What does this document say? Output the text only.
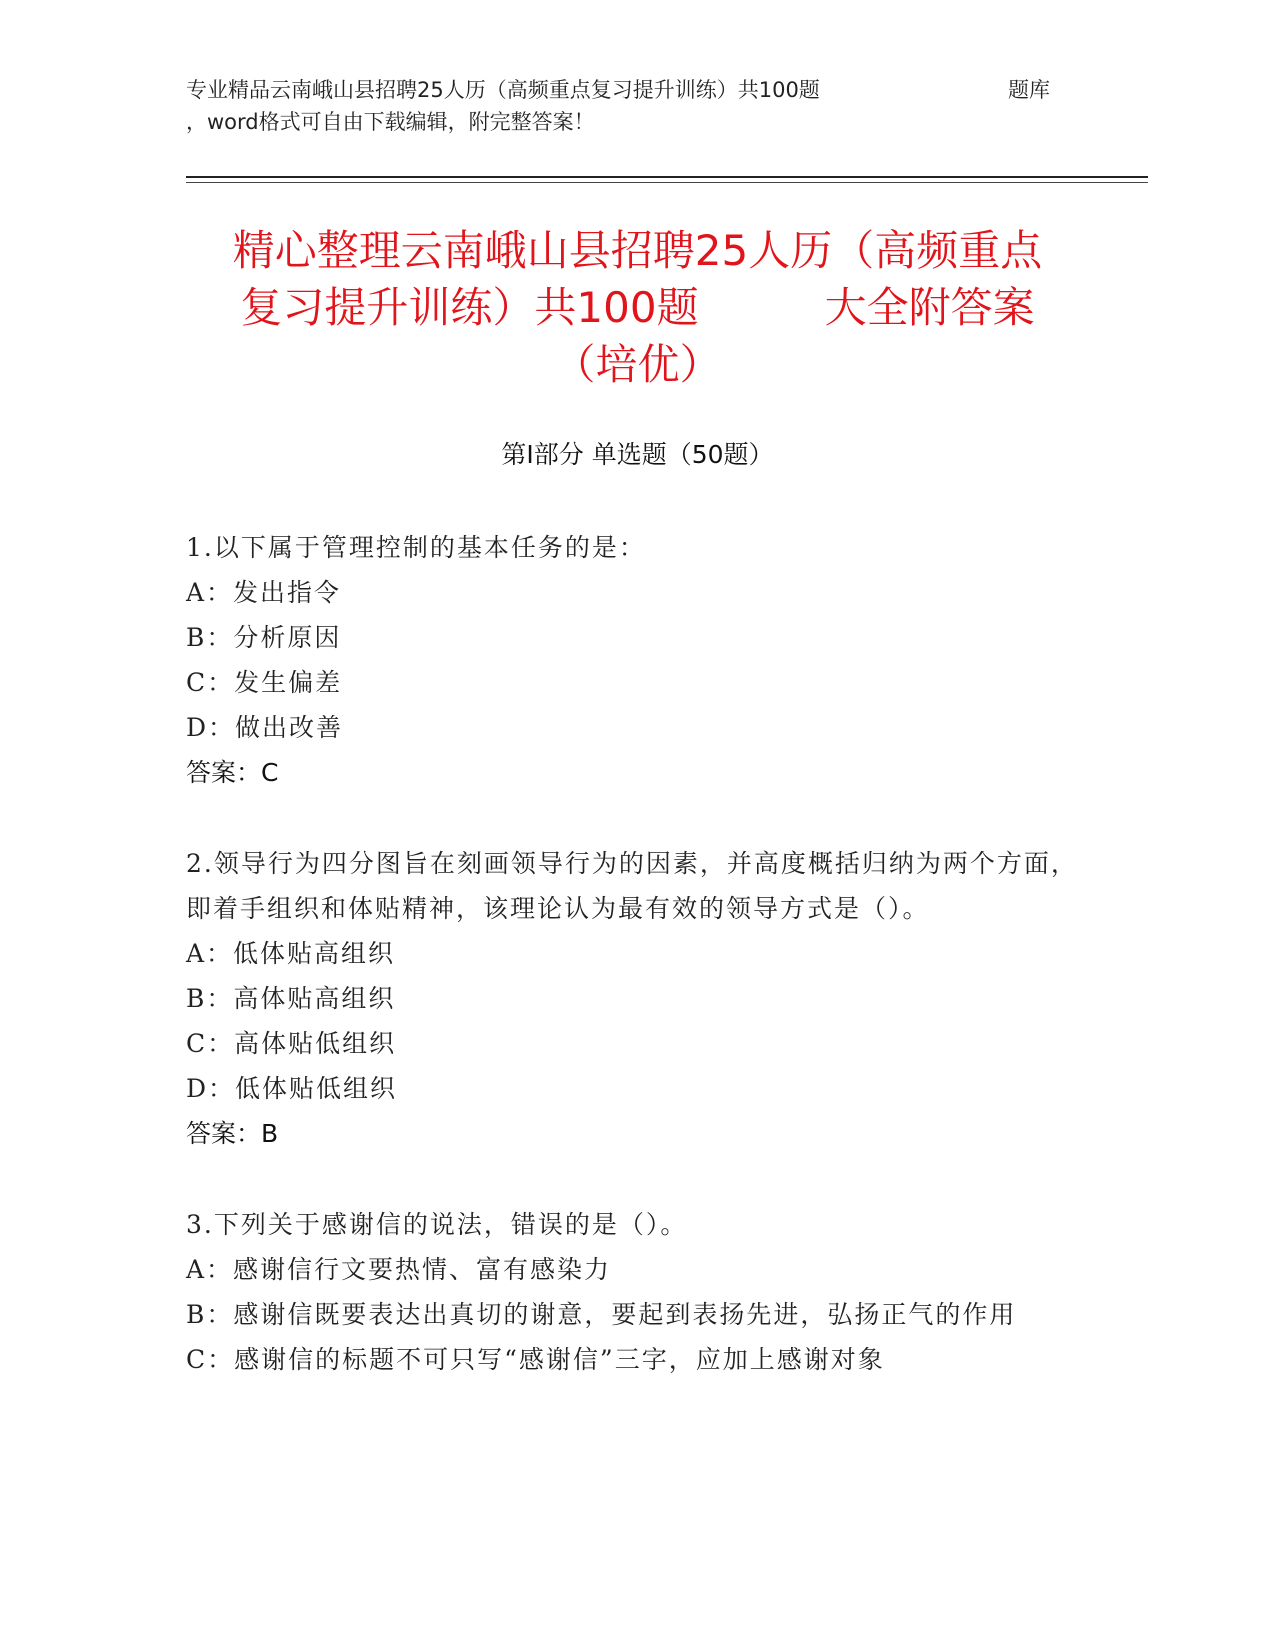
专业精品云南峨山县招聘25人历（高频重点复习提升训练）共100题	题库
，word格式可自由下载编辑，附完整答案！
精心整理云南峨山县招聘25人历（高频重点
复习提升训练）共100题　　　大全附答案
（培优）
第Ⅰ部分 单选题（50题）
1.以下属于管理控制的基本任务的是：
A：发出指令
B：分析原因
C：发生偏差
D：做出改善
答案：C
2.领导行为四分图旨在刻画领导行为的因素，并高度概括归纳为两个方面，即着手组织和体贴精神，该理论认为最有效的领导方式是（）。
A：低体贴高组织
B：高体贴高组织
C：高体贴低组织
D：低体贴低组织
答案：B
3.下列关于感谢信的说法，错误的是（）。
A：感谢信行文要热情、富有感染力
B：感谢信既要表达出真切的谢意，要起到表扬先进，弘扬正气的作用
C：感谢信的标题不可只写“感谢信”三字，应加上感谢对象
